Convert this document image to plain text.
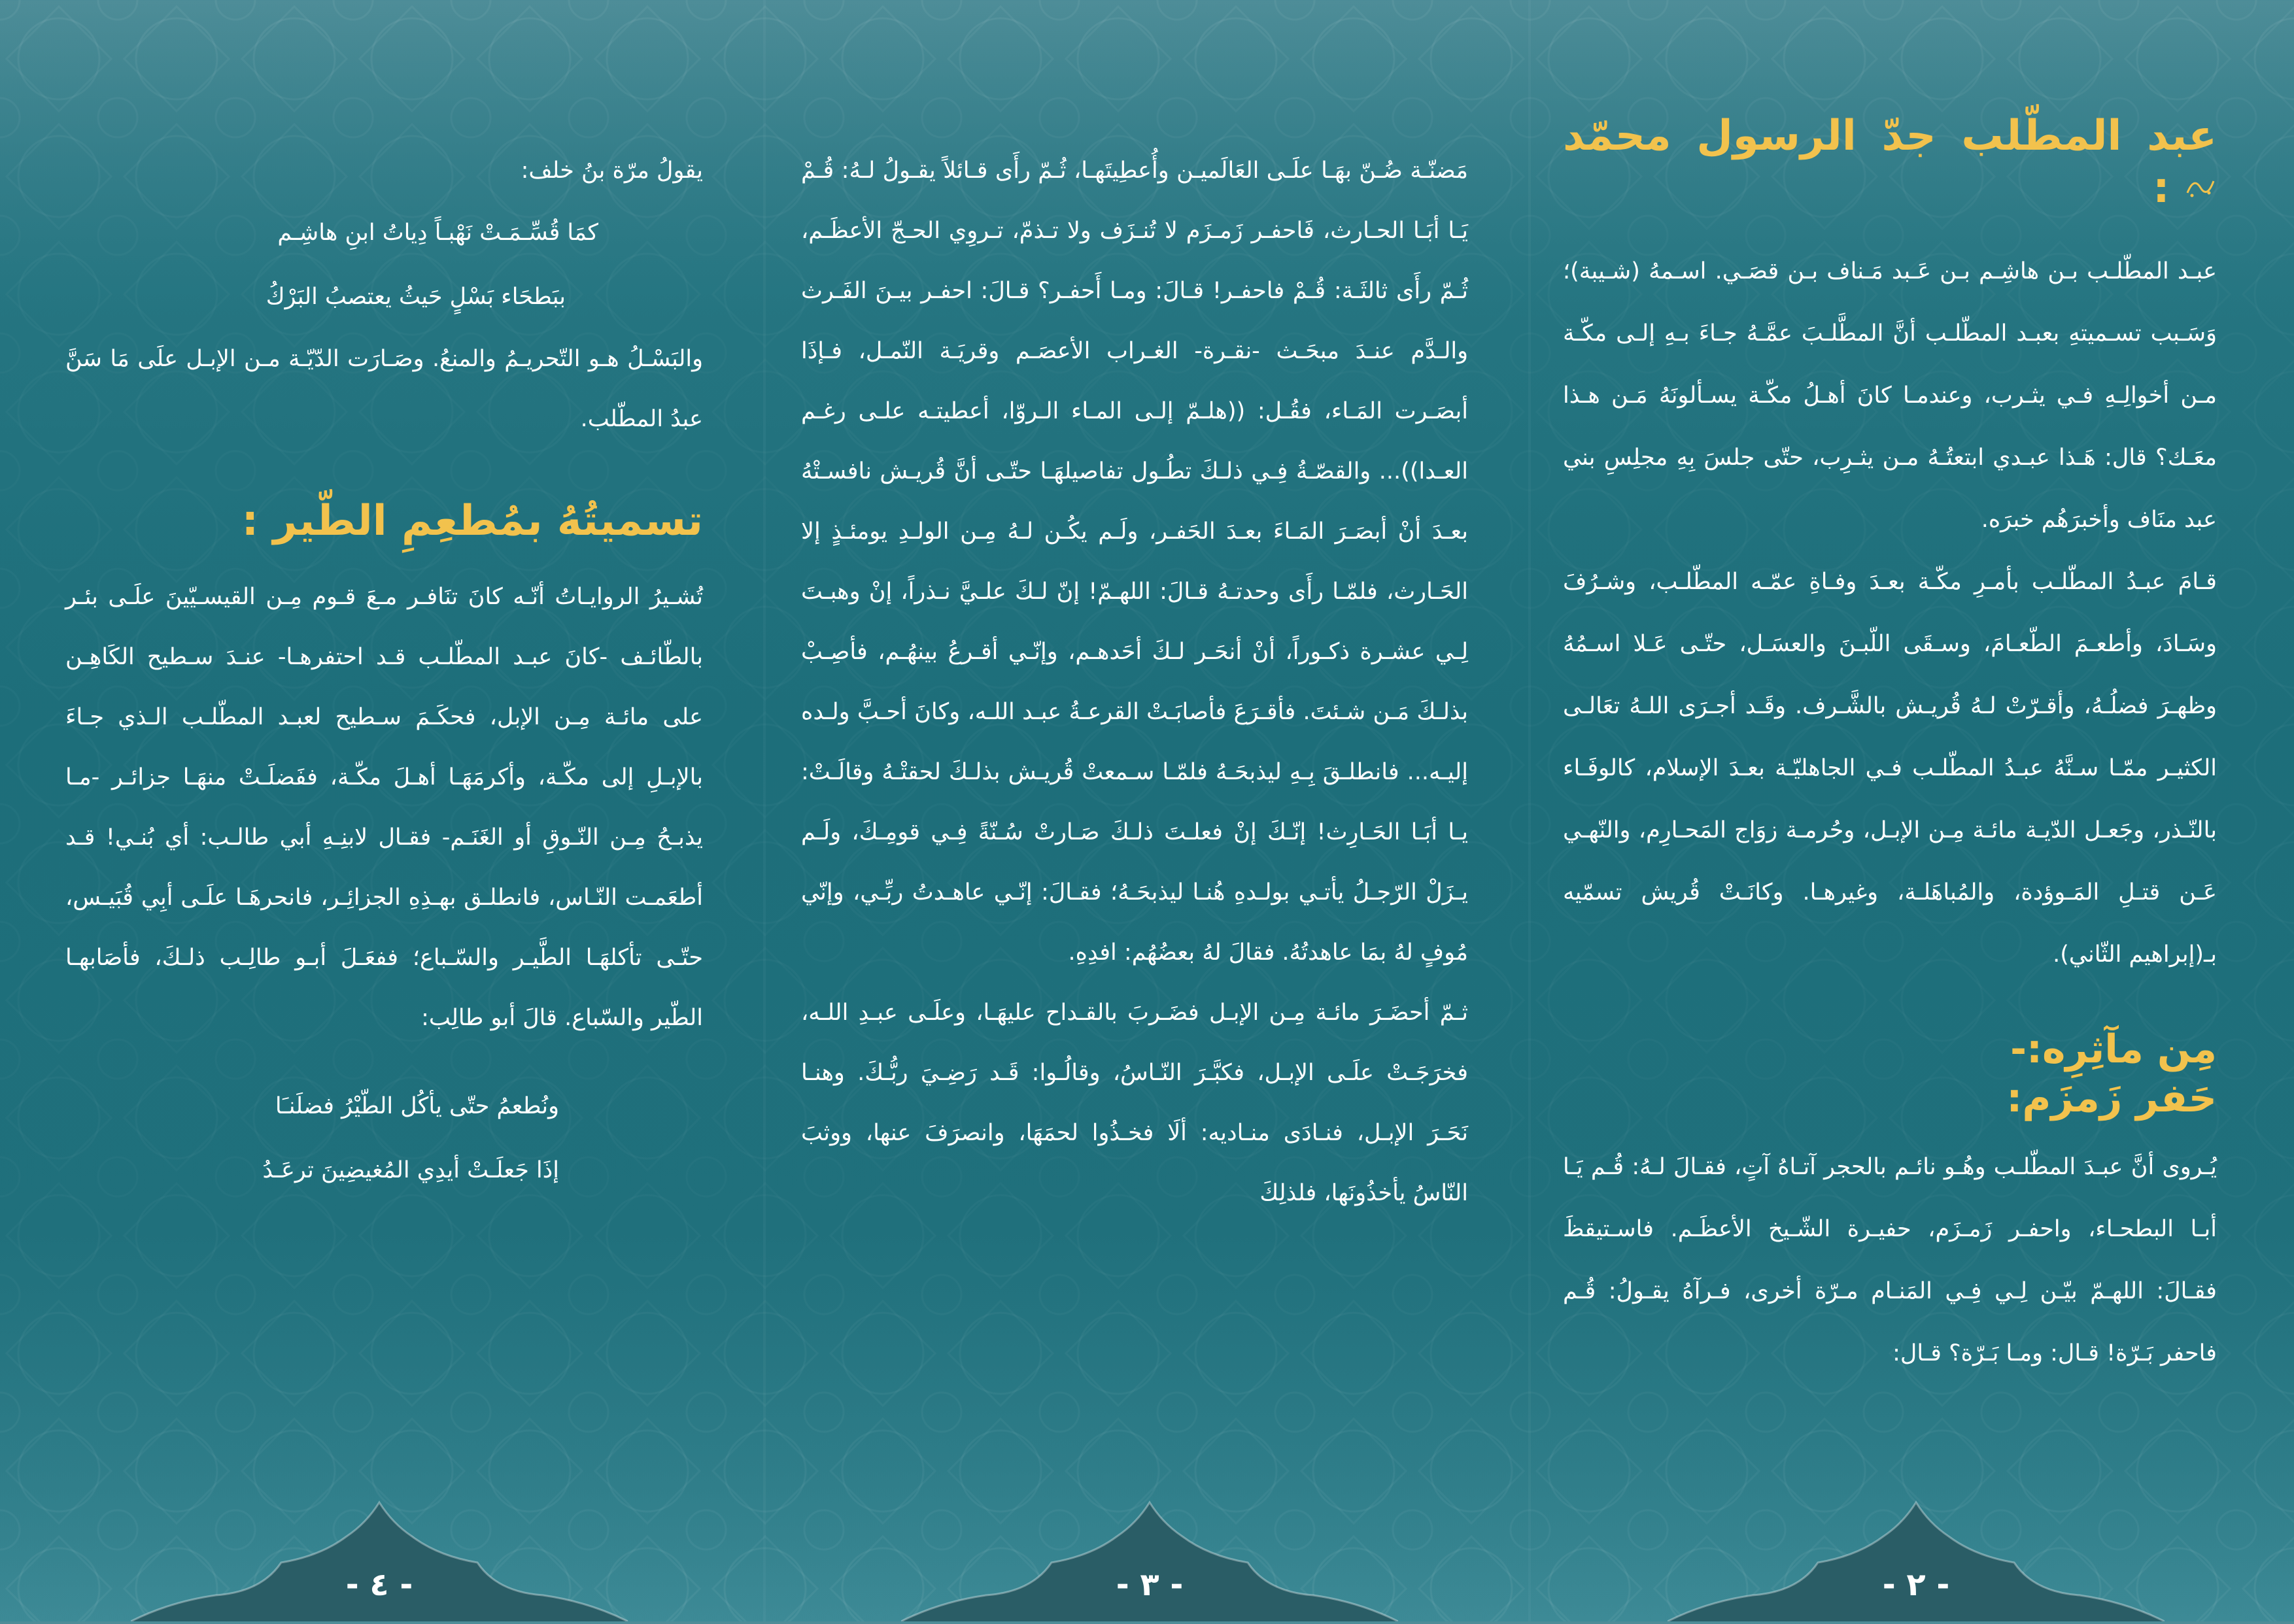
عبد المطّلب جدّ الرسول محمّد  :

عبـد المطّلـب بـن هاشِـم بـن عَـبد مَـناف بـن قصَـي. اسـمهُ (شـيبة)؛ وَسَـبب تسـميتهِ بعبـد المطّلـب أنَّ المطَّلـبَ عمَّـهُ جـاءَ بـهِ إلـى مكّـة مـن أخوالِـهِ فـي يثـرب، وعندمـا كانَ أهـلُ مكّـة يسـألونَهُ مَـن هـذا معَـك؟ قال: هَـذا عبـدي ابتعتُـهُ مـن يثـرِب، حتّى جلسَ بِهِ مجلِسِ بني عبد منَاف وأخبرَهُم خبرَه.

قـامَ عبـدُ المطّلـب بأمـرِ مكّـة بعـدَ وفـاةِ عمّـه المطّلـب، وشـرُفَ وسَـادَ، وأطعـمَ الطّعـامَ، وسـقَى اللّبـنَ والعسَـل، حتّـى عَـلا اسـمُهُ وظهـرَ فضلُـهُ، وأقـرّتْ لـهُ قُريـش بالشَّـرف. وقَـد أجـرَى اللـهُ تعَالـى الكثيـر ممّـا سـنَّهُ عبـدُ المطّلـب فـي الجاهليّـة بعـدَ الإسلام، كالوفَـاء بالنّـذر، وجَعـل الدّيـة مائـة مِـن الإبـل، وحُرمـة زوَاج المَحـارِم، والنّهـي عَـن قتـلِ المَـوؤدة، والمُباهَلـة، وغيرهـا. وكانَـتْ قُريش تسمّيه بـ(إبراهيم الثّاني).

مِن مآثِرِه:-
حَفر زَمزَم:

يُـروى أنَّ عبـدَ المطّلـب وهُـو نائـم بالحجر آتـاهُ آتٍ، فقـالَ لـهُ: قُـم يَـا أبـا البطحـاء، واحفـر زَمـزَم، حفيـرة الشّـيخ الأعظَـم. فاسـتيقظَ فقـالَ: اللهـمّ بيّـن لِـي فِـي المَنـام مـرّة أخرى، فـرآهُ يقـولُ: قُـم فاحفر بَـرّة! قـال: ومـا بَـرّة؟ قـال:

مَضنّـة ضُـنّ بهَـا علَـى العَالَميـن وأُعطِيتَهـا، ثُـمّ رأَى قـائلاً يقـولُ لـهُ: قُـمْ يَـا أبَـا الحـارث، فَاحفـر زَمـزَم لا تُنـزَف ولا تـذمّ، تـروِي الحـجّ الأعظَـم، ثُـمّ رأَى ثالثَـة: قُـمْ فاحفـر! قـالَ: ومـا أَحفـر؟ قـالَ: احفـر بيـنَ الفَـرث والـدَّم عنـدَ مبحَـث -نقـرة- الغـراب الأعصَـم وقريَـة النّمـل، فـإذَا أبصَـرت المَـاء، فقُـل: ((هلـمّ إلـى المـاء الـروّا، أعطيتـه علـى رغـم العـدا))... والقصّـةُ فِـي ذلـكَ تطُـول تفاصيلهَـا حتّـى أنَّ قُريـش نافسـتْهُ بعـدَ أنْ أبصَـرَ المَـاءَ بعـدَ الحَفـر، ولَـم يكُـن لـهُ مِـن الولـدِ يومئـذٍ إلا الحَـارث، فلمّـا رأَى وحدتـهُ قـالَ: اللهـمّ! إنّ لـكَ علـيَّ نـذراً، إنْ وهبـتَ لِـي عشـرة ذكـوراً، أنْ أنحَـر لـكَ أحَدهـم، وإنّـي أقـرعُ بينهُـم، فأصِـبْ بذلـكَ مَـن شـئتَ. فأقـرَعَ فأصابَـتْ القرعـةُ عبـد اللـه، وكانَ أحـبَّ ولـده إليـه... فانطلـقَ بِـهِ ليذبحَـهُ فلمّـا سـمعتْ قُريـش بذلـكَ لحقتْـهُ وقالَـتْ: يـا أبَـا الحَـارِث! إنّـكَ إنْ فعلـتَ ذلـكَ صَـارتْ سُـنّةً فِـي قومِـكَ، ولَـم يـزَلْ الرّجـلُ يأتـي بولـدهِ هُنـا ليذبحَـهُ؛ فقـالَ: إنّـي عاهـدتُ ربِّـي، وإنّي مُوفٍ لهُ بمَا عاهدتُهُ. فقالَ لهُ بعضُهُم: افدِهِ.

ثـمّ أحضَـرَ مائـة مِـن الإبـل فضَـربَ بالقـداح عليهَـا، وعلَـى عبـدِ اللـه، فخرَجَـتْ علَـى الإبـل، فكبَّـرَ النّـاسُ، وقالُـوا: قَـد رَضِـيَ ربُّـكَ. وهنـا نَحَـرَ الإبـل، فنـادَى منـاديه: ألَا فخـذُوا لحمَهَا، وانصرَفَ عنها، ووثبَ النّاسُ يأخذُونَها، فلذلِكَ

يقولُ مرّة بنُ خلف:

كمَا قُسِّـمَـتْ نَهْبـاً دِياتُ ابنِ هاشِـم
ببَطحَاء بَسْلٍ حَيثُ يعتصبُ البَرْكُ

والبَسْـلُ هـو التّحريـمُ والمنعُ. وصَـارَت الدّيّـة مـن الإبـل علَى مَا سَنَّ عبدُ المطّلب.

تسميتُهُ بمُطعِمِ الطّير :

تُشـيرُ الروايـاتُ أنّـه كانَ تنَافـر مـعَ قـوم مِـن القيسـيّينَ علَـى بئـر بالطّائـف -كانَ عبـد المطّلـب قـد احتفرهـا- عنـدَ سـطيح الكَاهِـن على مائـة مِـن الإبل، فحكَـمَ سـطيح لعبـد المطّلـب الـذي جـاءَ بالإبـلِ إلى مكّـة، وأكرمَهَـا أهـلَ مكّـة، ففَضلَـتْ منهَـا جزائـر -مـا يذبـحُ مِـن النّـوقِ أو الغَنَـم- فقـال لابنِـهِ أبي طالـب: أي بُنـي! قـد أطعَمـت النّـاس، فانطلـق بهـذِهِ الجزائِـر، فانحرهَـا علَـى أبِي قُبَيـس، حتّـى تأكلهَـا الطَّيـر والسّـباع؛ ففعَـلَ أبـو طالِـب ذلـكَ، فأصَابهـا الطّير والسّباع. قالَ أبو طالِب:

ونُطعمُ حتّى يأكُل الطّيْرُ فضلَنـَا
إذَا جَعلَـتْ أيدِي المُغيضِينَ ترعَـدُ
- ٢ -
- ٣ -
- ٤ -
